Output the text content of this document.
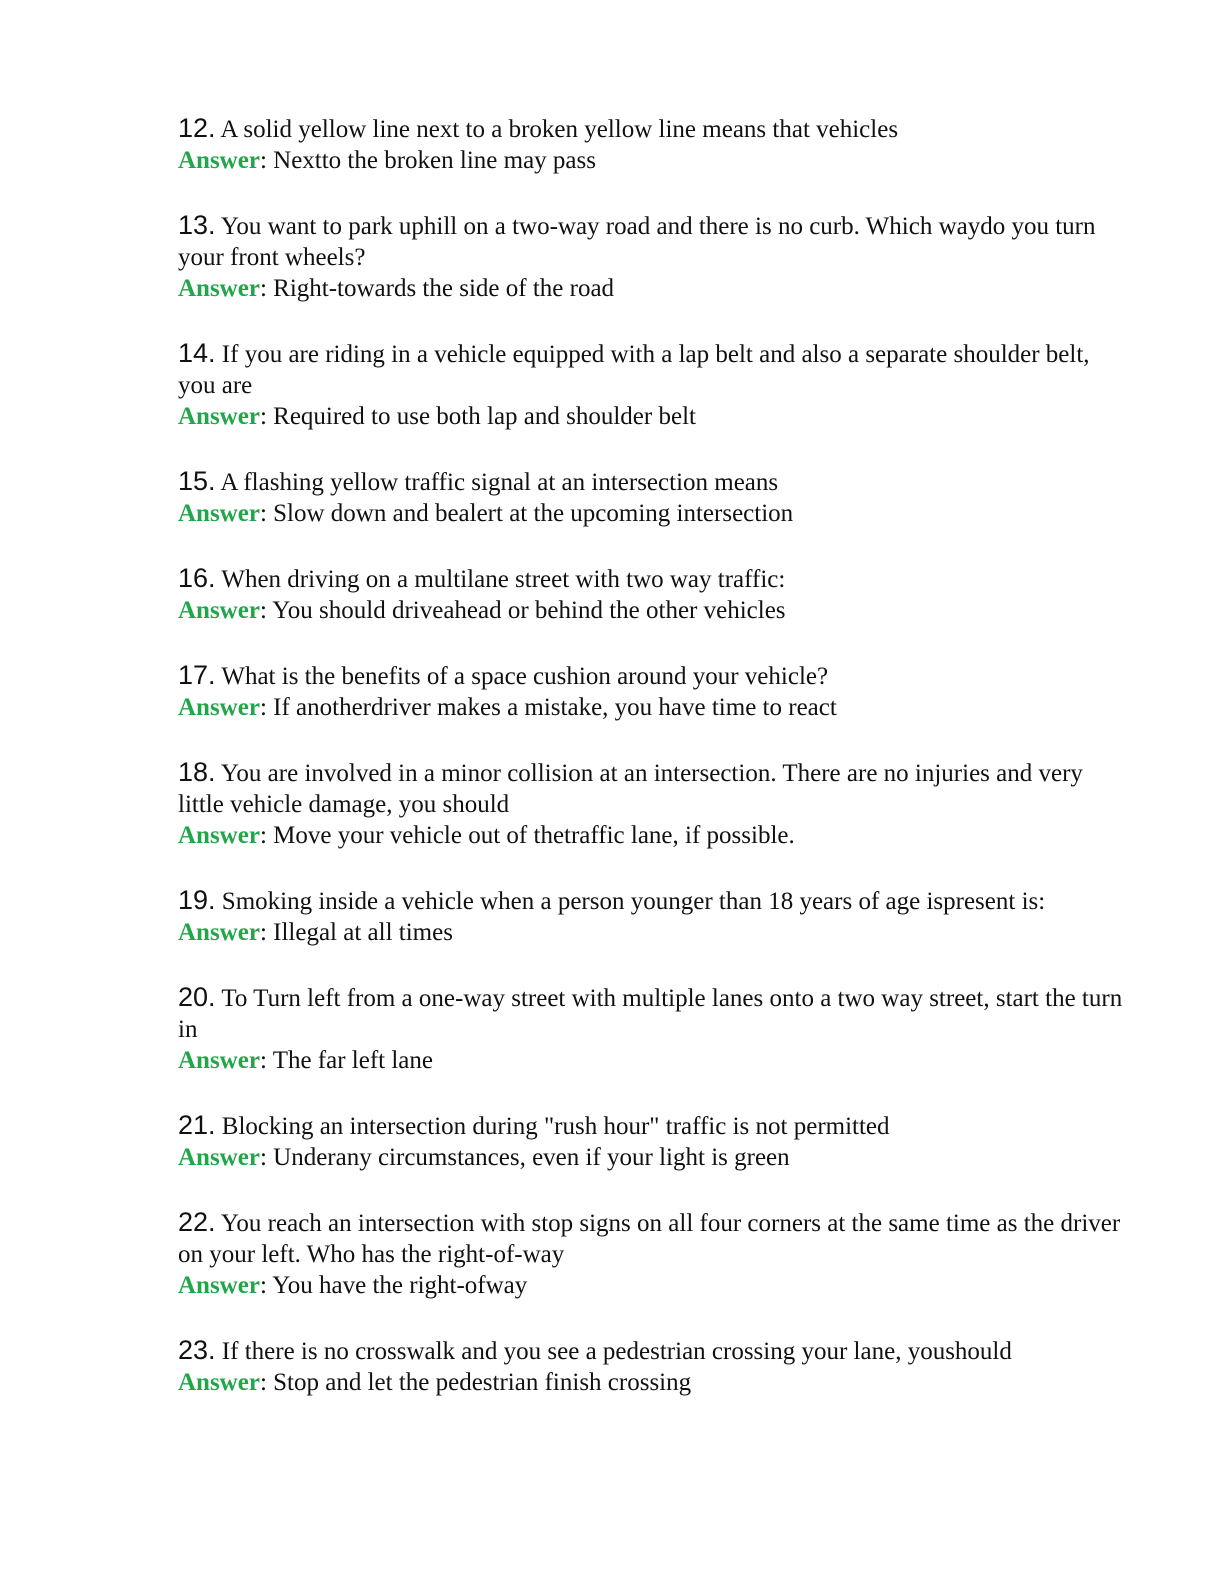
12. A solid yellow line next to a broken yellow line means that vehicles

Answer: Nextto the broken line may pass

13. You want to park uphill on a two-way road and there is no curb. Which waydo you turn your front wheels?

Answer: Right-towards the side of the road

14. If you are riding in a vehicle equipped with a lap belt and also a separate shoulder belt, you are

Answer: Required to use both lap and shoulder belt

15. A flashing yellow traffic signal at an intersection means

Answer: Slow down and bealert at the upcoming intersection

16. When driving on a multilane street with two way traffic:

Answer: You should driveahead or behind the other vehicles

17. What is the benefits of a space cushion around your vehicle?

Answer: If anotherdriver makes a mistake, you have time to react

18. You are involved in a minor collision at an intersection. There are no injuries and very little vehicle damage, you should

Answer: Move your vehicle out of thetraffic lane, if possible.

19. Smoking inside a vehicle when a person younger than 18 years of age ispresent is:

Answer: Illegal at all times

20. To Turn left from a one-way street with multiple lanes onto a two way street, start the turn in

Answer: The far left lane

21. Blocking an intersection during "rush hour" traffic is not permitted

Answer: Underany circumstances, even if your light is green

22. You reach an intersection with stop signs on all four corners at the same time as the driver on your left. Who has the right-of-way

Answer: You have the right-ofway

23. If there is no crosswalk and you see a pedestrian crossing your lane, youshould

Answer: Stop and let the pedestrian finish crossing
